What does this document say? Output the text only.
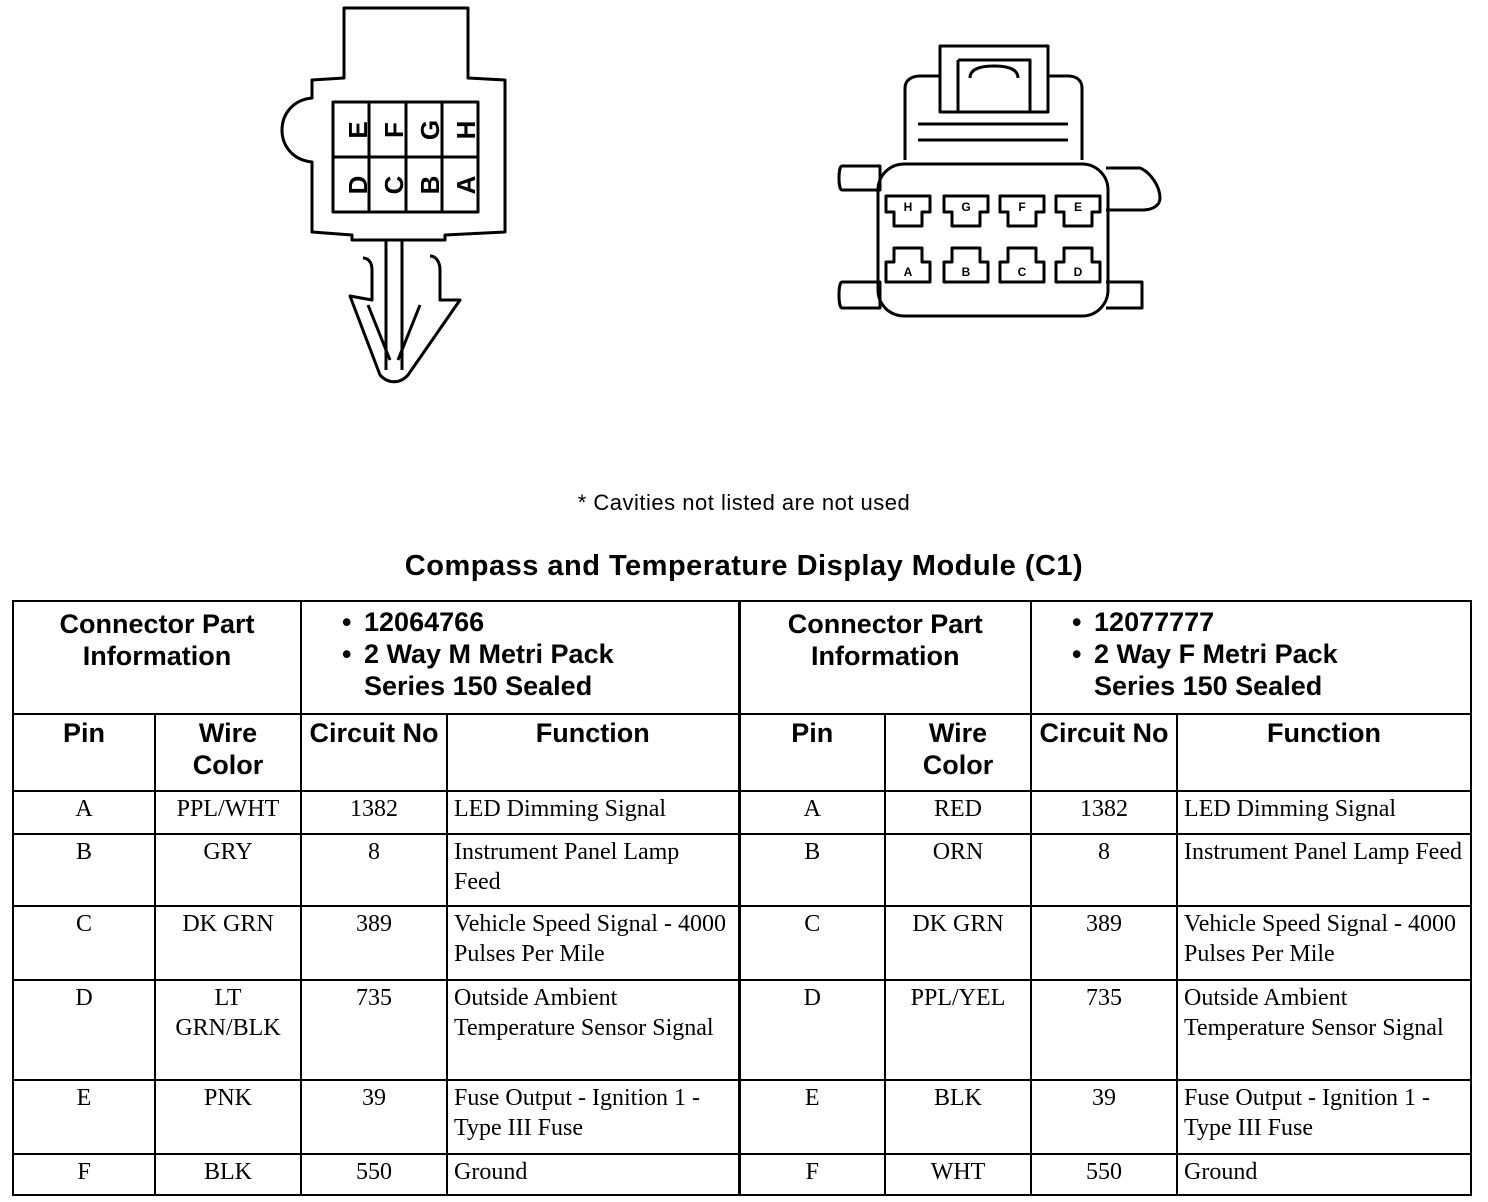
E F G H
D C B A
H	G	F	E
A	B	C	D
* Cavities not listed are not used
Compass and Temperature Display Module (C1)
Connector Part Information		• 12064766
• 2 Way M Metri Pack
Series 150 Sealed		Connector Part Information		• 12077777
• 2 Way F Metri Pack
Series 150 Sealed	

Pin	Wire Color	Circuit No	Function	Pin	Wire Color	Circuit No	Function
A	PPL/WHT	1382	LED Dimming Signal	A	RED	1382	LED Dimming Signal
B	GRY	8	Instrument Panel Lamp Feed	B	ORN	8	Instrument Panel Lamp Feed
C	DK GRN	389	Vehicle Speed Signal - 4000 Pulses Per Mile	C	DK GRN	389	Vehicle Speed Signal - 4000 Pulses Per Mile
D	LT GRN/BLK	735	Outside Ambient Temperature Sensor Signal	D	PPL/YEL	735	Outside Ambient Temperature Sensor Signal
E	PNK	39	Fuse Output - Ignition 1 - Type III Fuse	E	BLK	39	Fuse Output - Ignition 1 - Type III Fuse
F	BLK	550	Ground	F	WHT	550	Ground
